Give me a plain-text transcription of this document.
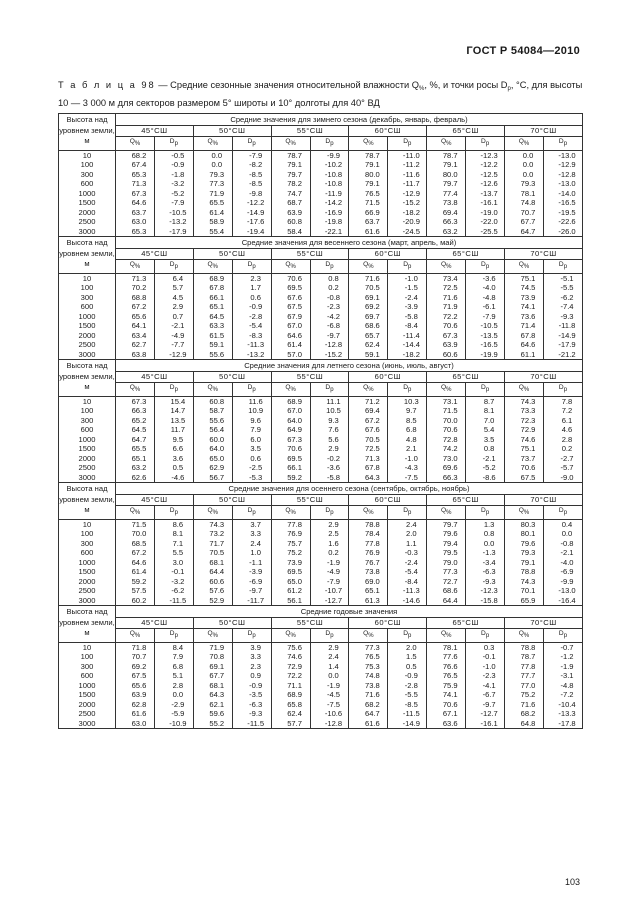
ГОСТ Р 54084—2010
Т а б л и ц а 98 — Средние сезонные значения относительной влажности $Q_{\%}$, %, и точки росы $D_p$, °С, для высоты
10 — 3 000 м для секторов размером 5° широты и 10° долготы для 40° ВД
Высота над уровнем земли, м	Средние значения для зимнего сезона (декабрь, январь, февраль)											
	45°СШ		50°СШ		55°СШ		60°СШ		65°СШ		70°СШ	
	$Q_{\%}$	$D_p$	$Q_{\%}$	$D_p$	$Q_{\%}$	$D_p$	$Q_{\%}$	$D_p$	$Q_{\%}$	$D_p$	$Q_{\%}$	$D_p$
10	68.2	-0.5	0.0	-7.9	78.7	-9.9	78.7	-11.0	78.7	-12.3	0.0	-13.0
100	67.4	-0.9	0.0	-8.2	79.1	-10.2	79.1	-11.2	79.1	-12.2	0.0	-12.9
300	65.3	-1.8	79.3	-8.5	79.7	-10.8	80.0	-11.6	80.0	-12.5	0.0	-12.8
600	71.3	-3.2	77.3	-8.5	78.2	-10.8	79.1	-11.7	79.7	-12.6	79.3	-13.0
1000	67.3	-5.2	71.9	-9.8	74.7	-11.9	76.5	-12.9	77.4	-13.7	78.1	-14.0
1500	64.6	-7.9	65.5	-12.2	68.7	-14.2	71.5	-15.2	73.8	-16.1	74.8	-16.5
2000	63.7	-10.5	61.4	-14.9	63.9	-16.9	66.9	-18.2	69.4	-19.0	70.7	-19.5
2500	63.0	-13.2	58.9	-17.6	60.8	-19.8	63.7	-20.9	66.3	-22.0	67.7	-22.6
3000	65.3	-17.9	55.4	-19.4	58.4	-22.1	61.6	-24.5	63.2	-25.5	64.7	-26.0
Высота над уровнем земли, м	Средние значения для весеннего сезона (март, апрель, май)											
	45°СШ		50°СШ		55°СШ		60°СШ		65°СШ		70°СШ	
	$Q_{\%}$	$D_p$	$Q_{\%}$	$D_p$	$Q_{\%}$	$D_p$	$Q_{\%}$	$D_p$	$Q_{\%}$	$D_p$	$Q_{\%}$	$D_p$
10	71.3	6.4	68.9	2.3	70.6	0.8	71.6	-1.0	73.4	-3.6	75.1	-5.1
100	70.2	5.7	67.8	1.7	69.5	0.2	70.5	-1.5	72.5	-4.0	74.5	-5.5
300	68.8	4.5	66.1	0.6	67.6	-0.8	69.1	-2.4	71.6	-4.8	73.9	-6.2
600	67.2	2.9	65.1	-0.9	67.5	-2.3	69.2	-3.9	71.9	-6.1	74.1	-7.4
1000	65.6	0.7	64.5	-2.8	67.9	-4.2	69.7	-5.8	72.2	-7.9	73.6	-9.3
1500	64.1	-2.1	63.3	-5.4	67.0	-6.8	68.6	-8.4	70.6	-10.5	71.4	-11.8
2000	63.4	-4.9	61.5	-8.3	64.6	-9.7	65.7	-11.4	67.3	-13.5	67.8	-14.9
2500	62.7	-7.7	59.1	-11.3	61.4	-12.8	62.4	-14.4	63.9	-16.5	64.6	-17.9
3000	63.8	-12.9	55.6	-13.2	57.0	-15.2	59.1	-18.2	60.6	-19.9	61.1	-21.2
Высота над уровнем земли, м	Средние значения для летнего сезона (июнь, июль, август)											
	45°СШ		50°СШ		55°СШ		60°СШ		65°СШ		70°СШ	
	$Q_{\%}$	$D_p$	$Q_{\%}$	$D_p$	$Q_{\%}$	$D_p$	$Q_{\%}$	$D_p$	$Q_{\%}$	$D_p$	$Q_{\%}$	$D_p$
10	67.3	15.4	60.8	11.6	68.9	11.1	71.2	10.3	73.1	8.7	74.3	7.8
100	66.3	14.7	58.7	10.9	67.0	10.5	69.4	9.7	71.5	8.1	73.3	7.2
300	65.2	13.5	55.6	9.6	64.0	9.3	67.2	8.5	70.0	7.0	72.3	6.1
600	64.5	11.7	56.4	7.9	64.9	7.6	67.6	6.8	70.6	5.4	72.9	4.6
1000	64.7	9.5	60.0	6.0	67.3	5.6	70.5	4.8	72.8	3.5	74.6	2.8
1500	65.5	6.6	64.0	3.5	70.6	2.9	72.5	2.1	74.2	0.8	75.1	0.2
2000	65.1	3.6	65.0	0.6	69.5	-0.2	71.3	-1.0	73.0	-2.1	73.7	-2.7
2500	63.2	0.5	62.9	-2.5	66.1	-3.6	67.8	-4.3	69.6	-5.2	70.6	-5.7
3000	62.6	-4.6	56.7	-5.3	59.2	-5.8	64.3	-7.5	66.3	-8.6	67.5	-9.0
Высота над уровнем земли, м	Средние значения для осеннего сезона (сентябрь, октябрь, ноябрь)											
	45°СШ		50°СШ		55°СШ		60°СШ		65°СШ		70°СШ	
	$Q_{\%}$	$D_p$	$Q_{\%}$	$D_p$	$Q_{\%}$	$D_p$	$Q_{\%}$	$D_p$	$Q_{\%}$	$D_p$	$Q_{\%}$	$D_p$
10	71.5	8.6	74.3	3.7	77.8	2.9	78.8	2.4	79.7	1.3	80.3	0.4
100	70.0	8.1	73.2	3.3	76.9	2.5	78.4	2.0	79.6	0.8	80.1	0.0
300	68.5	7.1	71.7	2.4	75.7	1.6	77.8	1.1	79.4	0.0	79.6	-0.8
600	67.2	5.5	70.5	1.0	75.2	0.2	76.9	-0.3	79.5	-1.3	79.3	-2.1
1000	64.6	3.0	68.1	-1.1	73.9	-1.9	76.7	-2.4	79.0	-3.4	79.1	-4.0
1500	61.4	-0.1	64.4	-3.9	69.5	-4.9	73.8	-5.4	77.3	-6.3	78.8	-6.9
2000	59.2	-3.2	60.6	-6.9	65.0	-7.9	69.0	-8.4	72.7	-9.3	74.3	-9.9
2500	57.5	-6.2	57.6	-9.7	61.2	-10.7	65.1	-11.3	68.6	-12.3	70.1	-13.0
3000	60.2	-11.5	52.9	-11.7	56.1	-12.7	61.3	-14.6	64.4	-15.8	65.9	-16.4
Высота над уровнем земли, м	Средние годовые значения											
	45°СШ		50°СШ		55°СШ		60°СШ		65°СШ		70°СШ	
	$Q_{\%}$	$D_p$	$Q_{\%}$	$D_p$	$Q_{\%}$	$D_p$	$Q_{\%}$	$D_p$	$Q_{\%}$	$D_p$	$Q_{\%}$	$D_p$
10	71.8	8.4	71.9	3.9	75.6	2.9	77.3	2.0	78.1	0.3	78.8	-0.7
100	70.7	7.9	70.8	3.3	74.6	2.4	76.5	1.5	77.6	-0.1	78.7	-1.2
300	69.2	6.8	69.1	2.3	72.9	1.4	75.3	0.5	76.6	-1.0	77.8	-1.9
600	67.5	5.1	67.7	0.9	72.2	0.0	74.8	-0.9	76.5	-2.3	77.7	-3.1
1000	65.6	2.8	68.1	-0.9	71.1	-1.9	73.8	-2.8	75.9	-4.1	77.0	-4.8
1500	63.9	0.0	64.3	-3.5	68.9	-4.5	71.6	-5.5	74.1	-6.7	75.2	-7.2
2000	62.8	-2.9	62.1	-6.3	65.8	-7.5	68.2	-8.5	70.6	-9.7	71.6	-10.4
2500	61.6	-5.9	59.6	-9.3	62.4	-10.6	64.7	-11.5	67.1	-12.7	68.2	-13.3
3000	63.0	-10.9	55.2	-11.5	57.7	-12.8	61.6	-14.9	63.6	-16.1	64.8	-17.8
103
